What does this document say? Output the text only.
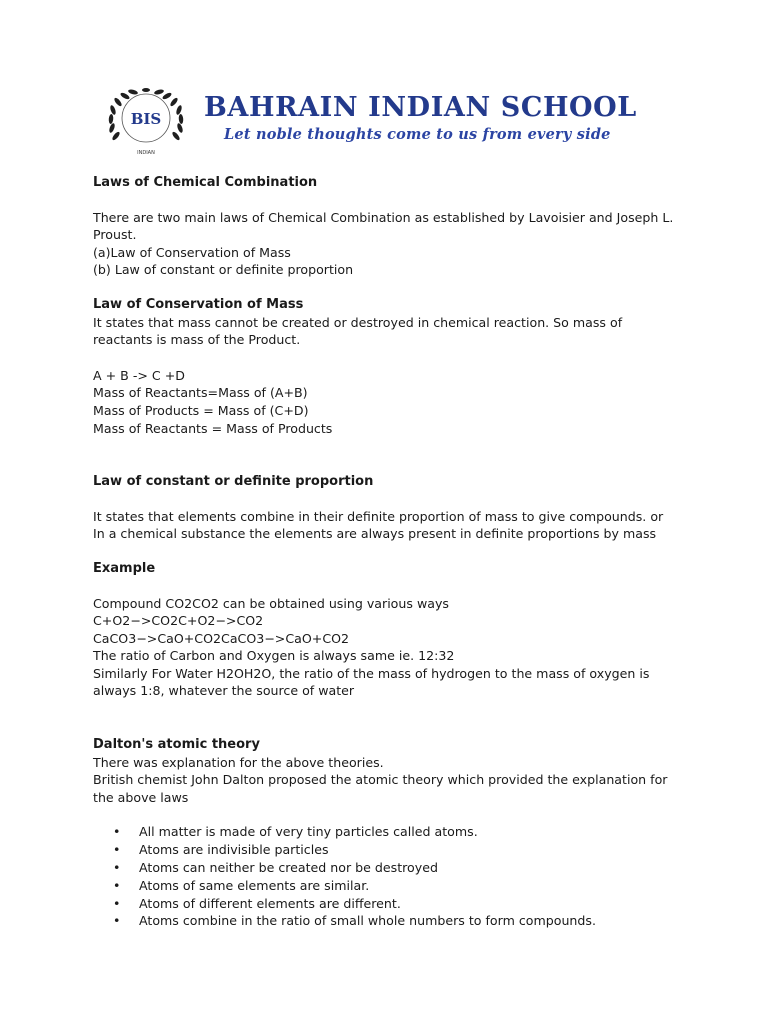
BIS
INDIAN
BAHRAIN INDIAN SCHOOL
Let noble thoughts come to us from every side

Laws of Chemical Combination

There are two main laws of Chemical Combination as established by Lavoisier and Joseph L.

Proust.

(a)Law of Conservation of Mass

(b) Law of constant or definite proportion

Law of Conservation of Mass

It states that mass cannot be created or destroyed in chemical reaction. So mass of

reactants is mass of the Product.

A + B -> C +D

Mass of Reactants=Mass of (A+B)

Mass of Products = Mass of (C+D)

Mass of Reactants = Mass of Products

Law of constant or definite proportion

It states that elements combine in their definite proportion of mass to give compounds. or

In a chemical substance the elements are always present in definite proportions by mass

Example

Compound CO2CO2 can be obtained using various ways

C+O2−>CO2C+O2−>CO2

CaCO3−>CaO+CO2CaCO3−>CaO+CO2

The ratio of Carbon and Oxygen is always same ie. 12:32

Similarly For Water H2OH2O, the ratio of the mass of hydrogen to the mass of oxygen is

always 1:8, whatever the source of water

Dalton's atomic theory

There was explanation for the above theories.

British chemist John Dalton proposed the atomic theory which provided the explanation for

the above laws

• All matter is made of very tiny particles called atoms.
• Atoms are indivisible particles
• Atoms can neither be created nor be destroyed
• Atoms of same elements are similar.
• Atoms of different elements are different.
• Atoms combine in the ratio of small whole numbers to form compounds.
